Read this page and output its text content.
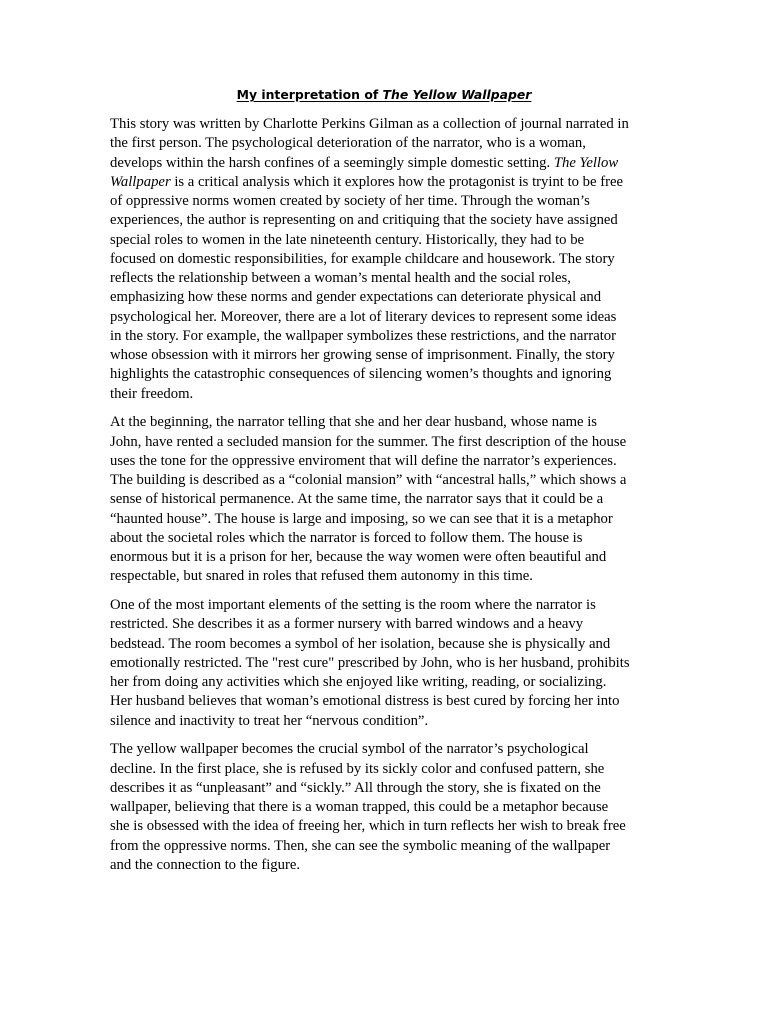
My interpretation of The Yellow Wallpaper

This story was written by Charlotte Perkins Gilman as a collection of journal narrated in
the first person. The psychological deterioration of the narrator, who is a woman,
develops within the harsh confines of a seemingly simple domestic setting. The Yellow
Wallpaper is a critical analysis which it explores how the protagonist is tryint to be free
of oppressive norms women created by society of her time. Through the woman’s
experiences, the author is representing on and critiquing that the society have assigned
special roles to women in the late nineteenth century. Historically, they had to be
focused on domestic responsibilities, for example childcare and housework. The story
reflects the relationship between a woman’s mental health and the social roles,
emphasizing how these norms and gender expectations can deteriorate physical and
psychological her. Moreover, there are a lot of literary devices to represent some ideas
in the story. For example, the wallpaper symbolizes these restrictions, and the narrator
whose obsession with it mirrors her growing sense of imprisonment. Finally, the story
highlights the catastrophic consequences of silencing women’s thoughts and ignoring
their freedom.

At the beginning, the narrator telling that she and her dear husband, whose name is
John, have rented a secluded mansion for the summer. The first description of the house
uses the tone for the oppressive enviroment that will define the narrator’s experiences.
The building is described as a “colonial mansion” with “ancestral halls,” which shows a
sense of historical permanence. At the same time, the narrator says that it could be a
“haunted house”. The house is large and imposing, so we can see that it is a metaphor
about the societal roles which the narrator is forced to follow them. The house is
enormous but it is a prison for her, because the way women were often beautiful and
respectable, but snared in roles that refused them autonomy in this time.

One of the most important elements of the setting is the room where the narrator is
restricted. She describes it as a former nursery with barred windows and a heavy
bedstead. The room becomes a symbol of her isolation, because she is physically and
emotionally restricted. The "rest cure" prescribed by John, who is her husband, prohibits
her from doing any activities which she enjoyed like writing, reading, or socializing.
Her husband believes that woman’s emotional distress is best cured by forcing her into
silence and inactivity to treat her “nervous condition”.

The yellow wallpaper becomes the crucial symbol of the narrator’s psychological
decline. In the first place, she is refused by its sickly color and confused pattern, she
describes it as “unpleasant” and “sickly.” All through the story, she is fixated on the
wallpaper, believing that there is a woman trapped, this could be a metaphor because
she is obsessed with the idea of freeing her, which in turn reflects her wish to break free
from the oppressive norms. Then, she can see the symbolic meaning of the wallpaper
and the connection to the figure.
